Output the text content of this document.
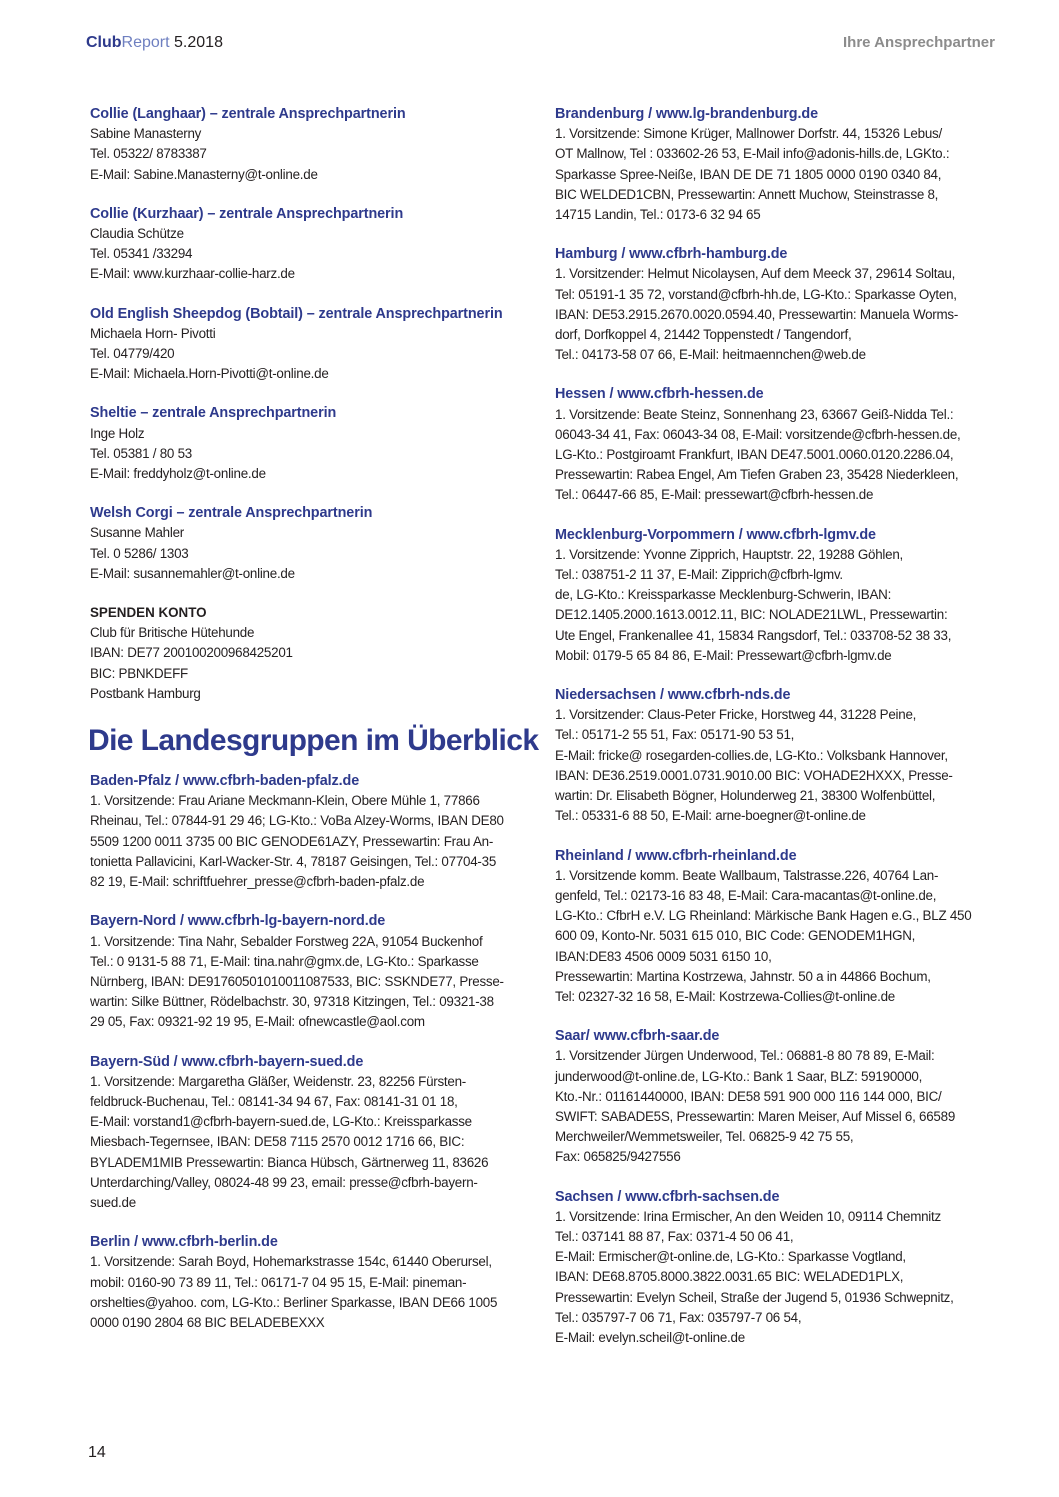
ClubReport 5.2018	Ihre Ansprechpartner
Collie (Langhaar) – zentrale Ansprechpartnerin
Sabine Manasterny
Tel. 05322/ 8783387
E-Mail: Sabine.Manasterny@t-online.de
Collie (Kurzhaar) – zentrale Ansprechpartnerin
Claudia Schütze
Tel. 05341 /33294
E-Mail: www.kurzhaar-collie-harz.de
Old English Sheepdog (Bobtail) – zentrale Ansprechpartnerin
Michaela Horn- Pivotti
Tel. 04779/420
E-Mail: Michaela.Horn-Pivotti@t-online.de
Sheltie – zentrale Ansprechpartnerin
Inge Holz
Tel. 05381 / 80 53
E-Mail: freddyholz@t-online.de
Welsh Corgi – zentrale Ansprechpartnerin
Susanne Mahler
Tel. 0 5286/ 1303
E-Mail: susannemahler@t-online.de
SPENDEN KONTO
Club für Britische Hütehunde
IBAN: DE77 200100200968425201
BIC: PBNKDEFF
Postbank Hamburg
Die Landesgruppen im Überblick
Baden-Pfalz / www.cfbrh-baden-pfalz.de
1. Vorsitzende: Frau Ariane Meckmann-Klein, Obere Mühle 1, 77866
Rheinau, Tel.: 07844-91 29 46; LG-Kto.: VoBa Alzey-Worms, IBAN DE80
5509 1200 0011 3735 00 BIC GENODE61AZY, Pressewartin: Frau An-
tonietta Pallavicini, Karl-Wacker-Str. 4, 78187 Geisingen, Tel.: 07704-35
82 19, E-Mail: schriftfuehrer_presse@cfbrh-baden-pfalz.de
Bayern-Nord / www.cfbrh-lg-bayern-nord.de
1. Vorsitzende: Tina Nahr, Sebalder Forstweg 22A, 91054 Buckenhof
Tel.: 0 9131-5 88 71, E-Mail: tina.nahr@gmx.de, LG-Kto.: Sparkasse
Nürnberg, IBAN: DE91760501010011087533, BIC: SSKNDE77, Presse-
wartin: Silke Büttner, Rödelbachstr. 30, 97318 Kitzingen, Tel.: 09321-38
29 05, Fax: 09321-92 19 95, E-Mail: ofnewcastle@aol.com
Bayern-Süd / www.cfbrh-bayern-sued.de
1. Vorsitzende: Margaretha Gläßer, Weidenstr. 23, 82256 Fürsten-
feldbruck-Buchenau, Tel.: 08141-34 94 67, Fax: 08141-31 01 18,
E-Mail: vorstand1@cfbrh-bayern-sued.de, LG-Kto.: Kreissparkasse
Miesbach-Tegernsee, IBAN: DE58 7115 2570 0012 1716 66, BIC:
BYLADEM1MIB Pressewartin: Bianca Hübsch, Gärtnerweg 11, 83626
Unterdarching/Valley, 08024-48 99 23, email: presse@cfbrh-bayern-
sued.de
Berlin / www.cfbrh-berlin.de
1. Vorsitzende: Sarah Boyd, Hohemarkstrasse 154c, 61440 Oberursel,
mobil: 0160-90 73 89 11, Tel.: 06171-7 04 95 15, E-Mail: pineman-
orshelties@yahoo. com, LG-Kto.: Berliner Sparkasse, IBAN DE66 1005
0000 0190 2804 68 BIC BELADEBEXXX
Brandenburg / www.lg-brandenburg.de
1. Vorsitzende: Simone Krüger, Mallnower Dorfstr. 44, 15326 Lebus/
OT Mallnow, Tel : 033602-26 53, E-Mail info@adonis-hills.de, LGKto.:
Sparkasse Spree-Neiße, IBAN DE DE 71 1805 0000 0190 0340 84,
BIC WELDED1CBN, Pressewartin: Annett Muchow, Steinstrasse 8,
14715 Landin, Tel.: 0173-6 32 94 65
Hamburg / www.cfbrh-hamburg.de
1. Vorsitzender: Helmut Nicolaysen, Auf dem Meeck 37, 29614 Soltau,
Tel: 05191-1 35 72, vorstand@cfbrh-hh.de, LG-Kto.: Sparkasse Oyten,
IBAN: DE53.2915.2670.0020.0594.40, Pressewartin: Manuela Worms-
dorf, Dorfkoppel 4, 21442 Toppenstedt / Tangendorf,
Tel.: 04173-58 07 66, E-Mail: heitmaennchen@web.de
Hessen / www.cfbrh-hessen.de
1. Vorsitzende: Beate Steinz, Sonnenhang 23, 63667 Geiß-Nidda Tel.:
06043-34 41, Fax: 06043-34 08, E-Mail: vorsitzende@cfbrh-hessen.de,
LG-Kto.: Postgiroamt Frankfurt, IBAN DE47.5001.0060.0120.2286.04,
Pressewartin: Rabea Engel, Am Tiefen Graben 23, 35428 Niederkleen,
Tel.: 06447-66 85, E-Mail: pressewart@cfbrh-hessen.de
Mecklenburg-Vorpommern / www.cfbrh-lgmv.de
1. Vorsitzende: Yvonne Zipprich, Hauptstr. 22, 19288 Göhlen,
Tel.: 038751-2 11 37, E-Mail: Zipprich@cfbrh-lgmv.
de, LG-Kto.: Kreissparkasse Mecklenburg-Schwerin, IBAN:
DE12.1405.2000.1613.0012.11, BIC: NOLADE21LWL, Pressewartin:
Ute Engel, Frankenallee 41, 15834 Rangsdorf, Tel.: 033708-52 38 33,
Mobil: 0179-5 65 84 86, E-Mail: Pressewart@cfbrh-lgmv.de
Niedersachsen / www.cfbrh-nds.de
1. Vorsitzender: Claus-Peter Fricke, Horstweg 44, 31228 Peine,
Tel.: 05171-2 55 51, Fax: 05171-90 53 51,
E-Mail: fricke@ rosegarden-collies.de, LG-Kto.: Volksbank Hannover,
IBAN: DE36.2519.0001.0731.9010.00 BIC: VOHADE2HXXX, Presse-
wartin: Dr. Elisabeth Bögner, Holunderweg 21, 38300 Wolfenbüttel,
Tel.: 05331-6 88 50, E-Mail: arne-boegner@t-online.de
Rheinland / www.cfbrh-rheinland.de
1. Vorsitzende komm. Beate Wallbaum, Talstrasse.226, 40764 Lan-
genfeld, Tel.: 02173-16 83 48, E-Mail: Cara-macantas@t-online.de,
LG-Kto.: CfbrH e.V. LG Rheinland: Märkische Bank Hagen e.G., BLZ 450
600 09, Konto-Nr. 5031 615 010, BIC Code: GENODEM1HGN,
IBAN:DE83 4506 0009 5031 6150 10,
Pressewartin: Martina Kostrzewa, Jahnstr. 50 a in 44866 Bochum,
Tel: 02327-32 16 58, E-Mail: Kostrzewa-Collies@t-online.de
Saar/ www.cfbrh-saar.de
1. Vorsitzender Jürgen Underwood, Tel.: 06881-8 80 78 89, E-Mail:
junderwood@t-online.de, LG-Kto.: Bank 1 Saar, BLZ: 59190000,
Kto.-Nr.: 01161440000, IBAN: DE58 591 900 000 116 144 000, BIC/
SWIFT: SABADE5S, Pressewartin: Maren Meiser, Auf Missel 6, 66589
Merchweiler/Wemmetsweiler, Tel. 06825-9 42 75 55,
Fax: 065825/9427556
Sachsen / www.cfbrh-sachsen.de
1. Vorsitzende: Irina Ermischer, An den Weiden 10, 09114 Chemnitz
Tel.: 037141 88 87, Fax: 0371-4 50 06 41,
E-Mail: Ermischer@t-online.de, LG-Kto.: Sparkasse Vogtland,
IBAN: DE68.8705.8000.3822.0031.65 BIC: WELADED1PLX,
Pressewartin: Evelyn Scheil, Straße der Jugend 5, 01936 Schwepnitz,
Tel.: 035797-7 06 71, Fax: 035797-7 06 54,
E-Mail: evelyn.scheil@t-online.de
14
